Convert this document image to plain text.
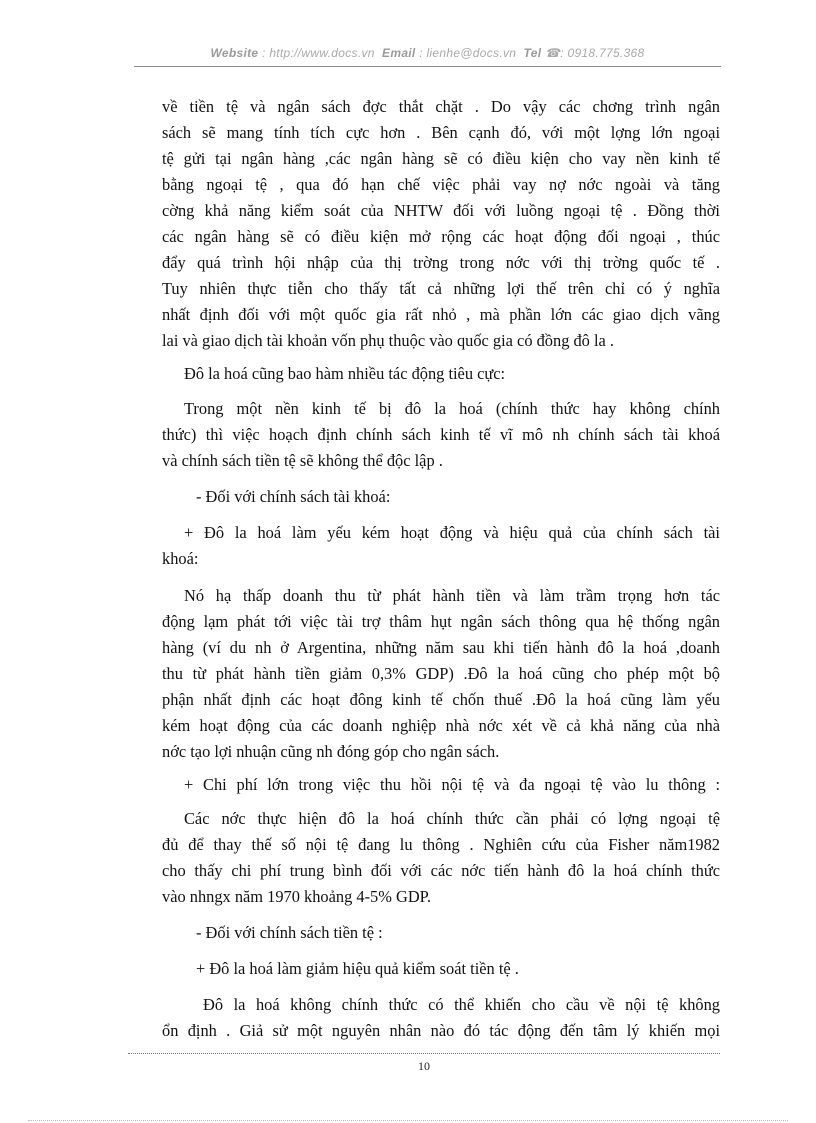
Website : http://www.docs.vn Email : lienhe@docs.vn Tel ☎: 0918.775.368
về tiền tệ và ngân sách đợc thắt chặt . Do vậy các chơng trình ngân
sách sẽ mang tính tích cực hơn . Bên cạnh đó, với một lợng lớn ngoại
tệ gửi tại ngân hàng ,các ngân hàng sẽ có điều kiện cho vay nền kinh tế
bằng ngoại tệ , qua đó hạn chế việc phải vay nợ nớc ngoài và tăng
cờng khả năng kiểm soát của NHTW đối với luồng ngoại tệ . Đồng thời
các ngân hàng sẽ có điều kiện mở rộng các hoạt động đối ngoại , thúc
đẩy quá trình hội nhập của thị trờng trong nớc với thị trờng quốc tế .
Tuy nhiên thực tiễn cho thấy tất cả những lợi thế trên chỉ có ý nghĩa
nhất định đối với một quốc gia rất nhỏ , mà phần lớn các giao dịch vãng
lai và giao dịch tài khoản vốn phụ thuộc vào quốc gia có đồng đô la .
Đô la hoá cũng bao hàm nhiều tác động tiêu cực:
Trong một nền kinh tế bị đô la hoá (chính thức hay không chính
thức) thì việc hoạch định chính sách kinh tế vĩ mô nh chính sách tài khoá
và chính sách tiền tệ sẽ không thể độc lập .
- Đối với chính sách tài khoá:
+ Đô la hoá làm yếu kém hoạt động và hiệu quả của chính sách tài
khoá:
Nó hạ thấp doanh thu từ phát hành tiền và làm trầm trọng hơn tác
động lạm phát tới việc tài trợ thâm hụt ngân sách thông qua hệ thống ngân
hàng (ví du nh ở Argentina, những năm sau khi tiến hành đô la hoá ,doanh
thu từ phát hành tiền giảm 0,3% GDP) .Đô la hoá cũng cho phép một bộ
phận nhất định các hoạt đông kinh tế chốn thuế .Đô la hoá cũng làm yếu
kém hoạt động của các doanh nghiệp nhà nớc xét về cả khả năng của nhà
nớc tạo lợi nhuận cũng nh đóng góp cho ngân sách.
+ Chi phí lớn trong việc thu hồi nội tệ và đa ngoại tệ vào lu thông :
Các nớc thực hiện đô la hoá chính thức cần phải có lợng ngoại tệ
đủ để thay thế số nội tệ đang lu thông . Nghiên cứu của Fisher năm1982
cho thấy chi phí trung bình đối với các nớc tiến hành đô la hoá chính thức
vào nhngx năm 1970 khoảng 4-5% GDP.
- Đối với chính sách tiền tệ :
+ Đô la hoá làm giảm hiệu quả kiểm soát tiền tệ .
Đô la hoá không chính thức có thể khiến cho cầu về nội tệ không
ổn định . Giả sử một nguyên nhân nào đó tác động đến tâm lý khiến mọi
10
